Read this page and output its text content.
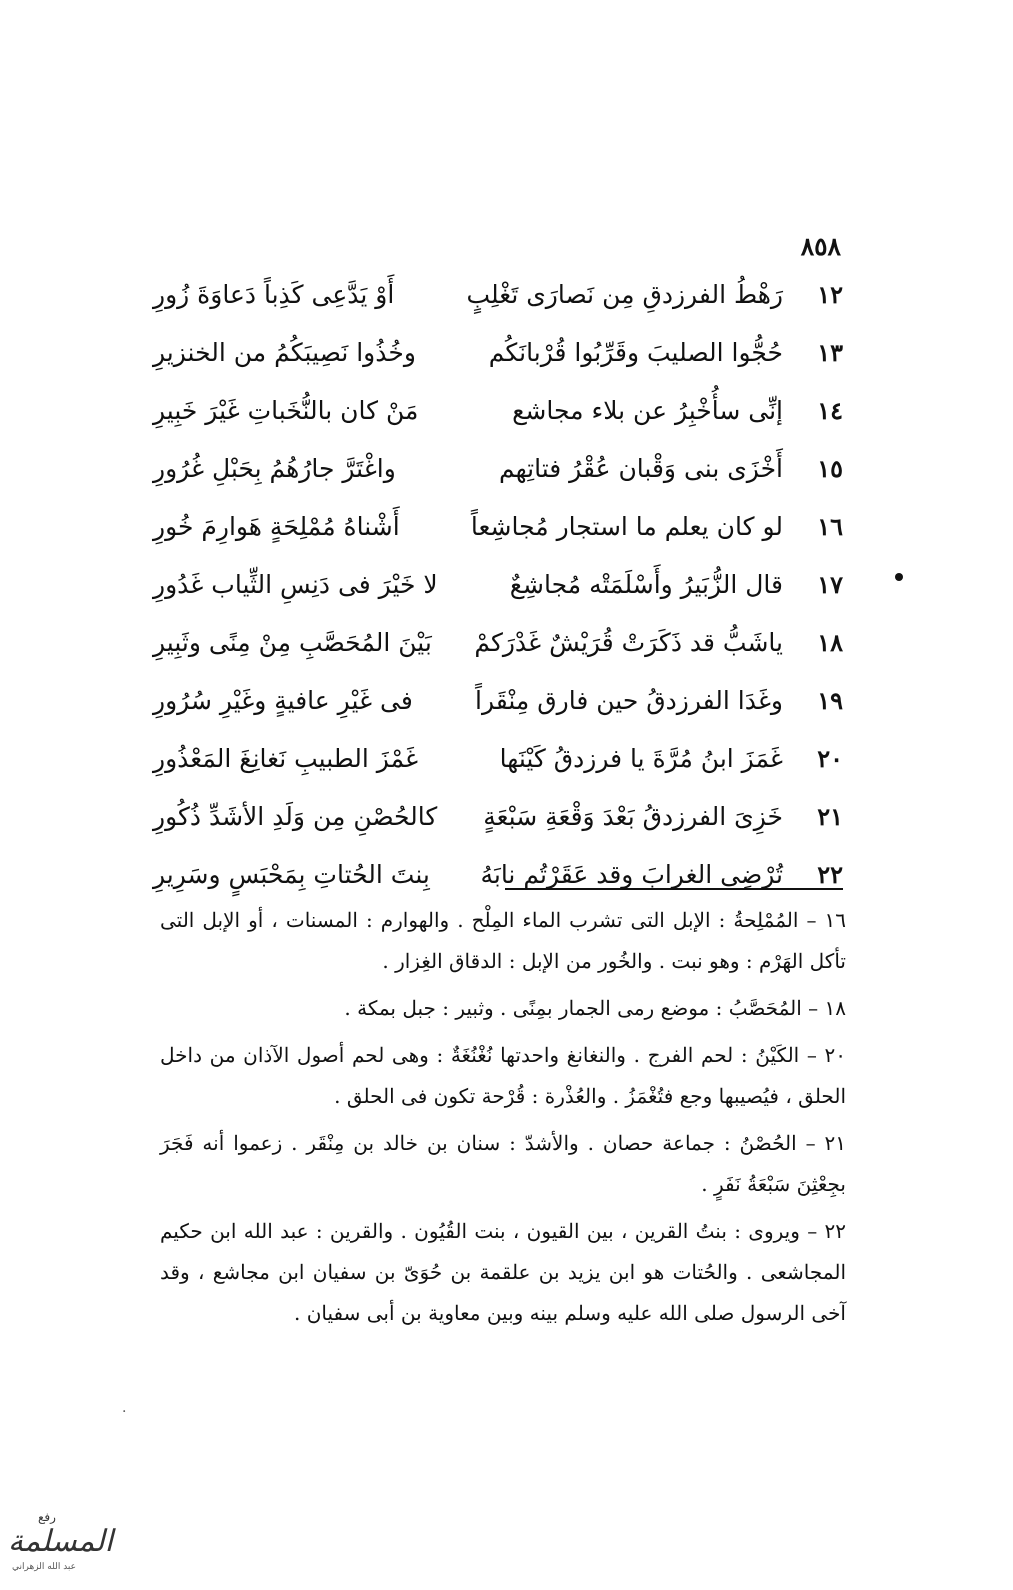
٨٥٨
١٢
رَهْطُ الفرزدقِ مِن نَصارَى تَغْلِبٍ
أَوْ يَدَّعِى كَذِباً دَعاوَةَ زُورِ
١٣
حُجُّوا الصليبَ وقَرِّبُوا قُرْبانَكُم
وخُذُوا نَصِيبَكُمُ من الخنزيرِ
١٤
إنِّى سأُخْبِرُ عن بلاء مجاشع
مَنْ كان بالنُّخَباتِ غَيْرَ خَبِيرِ
١٥
أَخْزَى بنى وَقْبان عُقْرُ فتاتِهم
واغْتَرَّ جارُهُمُ بِحَبْلِ غُرُورِ
١٦
لو كان يعلم ما استجار مُجاشِعاً
أَشْناهُ مُمْلِحَةٍ هَوارِمَ خُورِ
١٧
قال الزُّبَيرُ وأَسْلَمَتْه مُجاشِعٌ
لا خَيْرَ فى دَنِسِ الثِّياب غَدُورِ
١٨
ياشَبُّ قد ذَكَرَتْ قُرَيْشٌ غَدْرَكمْ
بَيْنَ المُحَصَّبِ مِنْ مِنًى وثَبِيرِ
١٩
وغَدَا الفرزدقُ حين فارق مِنْقَراً
فى غَيْرِ عافيةٍ وغَيْرِ سُرُورِ
٢٠
غَمَزَ ابنُ مُرَّةَ يا فرزدقُ كَيْنَها
غَمْزَ الطبيبِ نَغانِغَ المَعْذُورِ
٢١
خَزِىَ الفرزدقُ بَعْدَ وَقْعَةِ سَبْعَةٍ
كالحُصْنِ مِن وَلَدِ الأشَدِّ ذُكُورِ
٢٢
تُرْضِى الغرابَ وقد عَقَرْتُم نابَهُ
بِنتَ الحُتاتِ بِمَحْبَسٍ وسَرِيرِ

١٦ – المُمْلِحةُ : الإبل التى تشرب الماء المِلْح . والهوارم : المسنات ، أو الإبل التى تأكل الهَرْم : وهو نبت . والخُور من الإبل : الدقاق الغِزار .

١٨ – المُحَصَّبُ : موضع رمى الجمار بمِنًى . وثبير : جبل بمكة .

٢٠ – الكَيْنُ : لحم الفرج . والنغانغ واحدتها نُغْنُغَةٌ : وهى لحم أصول الآذان من داخل الحلق ، فيُصيبها وجع فتُغْمَزُ . والعُذْرة : قُرْحة تكون فى الحلق .

٢١ – الحُصْنُ : جماعة حصان . والأشدّ : سنان بن خالد بن مِنْقَر . زعموا أنه فَجَرَ بجِعْثِنَ سَبْعَةُ نَفَرٍ .

٢٢ – ويروى : بنتُ القرين ، بين القيون ، بنت القُيُون . والقرين : عبد الله ابن حكيم المجاشعى . والحُتات هو ابن يزيد بن علقمة بن حُوَىّ بن سفيان ابن مجاشع ، وقد آخى الرسول صلى الله عليه وسلم بينه وبين معاوية بن أبى سفيان .

·
رفع
المسلمة
عبد الله الزهراني
